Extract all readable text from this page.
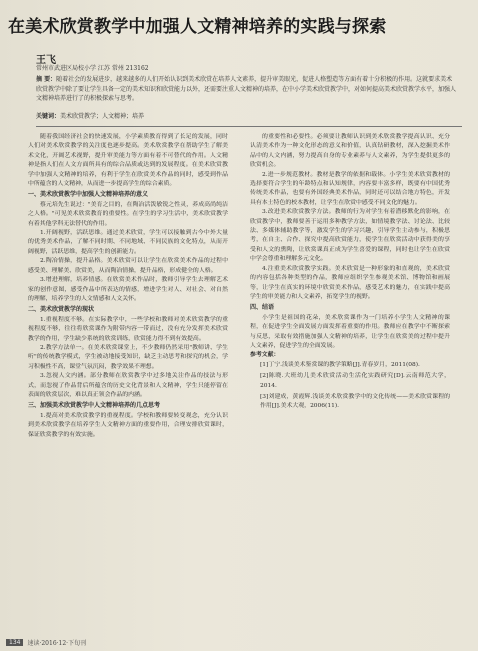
在美术欣赏教学中加强人文精神培养的实践与探索
王飞
常州市武进区局校小学 江苏 常州 213162
摘 要：随着社会的发展进步，越来越多的人们开始认识到美术欣赏在培养人文素养，提升审美眼光，促进人格塑造等方面有着十分积极的作用。这就要求美术欣赏教学中除了要让学生具备一定的美术知识和欣赏能力以外，还需要注重人文精神的培养，在中小学美术欣赏教学中，对如何提高美术欣赏教学水平，加强人文精神培养进行了的积极探索与思考。
关键词：美术欣赏教学；人文精神；培养

随着我国经济社会的快速发展，小学素质教育得到了长足的发展，同时人们对美术欣赏教学的关注度也逐步提高。美术欣赏教学在帮助学生了解美术文化，开阔艺术视野，提升审美能力等方面有着不可替代的作用。人文精神是指人们在人文方面所具有的综合品质或达到的发展程度。在美术欣赏教学中加强人文精神的培养，有利于学生在欣赏美术作品的同时，感受到作品中所蕴含的人文精神，从而进一步提高学生的综合素质。

一、美术欣赏教学中加强人文精神培养的意义

蔡元培先生说过："美育之目的，在陶冶活泼敏锐之性灵，养成高尚纯洁之人格。"可见美术欣赏教育的重要性。在学生的学习生活中，美术欣赏教学有着其他学科无法替代的作用。

1.开阔视野，活跃思维。通过美术欣赏，学生可以接触到古今中外大量的优秀美术作品，了解不同时期、不同地域、不同民族的文化特点，从而开阔视野，活跃思维，提高学生的创新能力。

2.陶冶情操，提升品格。美术欣赏可以让学生在欣赏美术作品的过程中感受美、理解美、欣赏美，从而陶冶情操，提升品格，形成健全的人格。

3.增进理解，培养情感。在欣赏美术作品时，教师引导学生去理解艺术家的创作意图，感受作品中所表达的情感，增进学生对人、对社会、对自然的理解，培养学生的人文情感和人文关怀。

二、美术欣赏教学的现状

1.重视程度不够。在实际教学中，一些学校和教师对美术欣赏教学的重视程度不够，往往将欣赏课作为附带内容一带而过，没有充分发挥美术欣赏教学的作用，学生缺少系统的欣赏训练，欣赏能力得不到有效提高。

2.教学方法单一。在美术欣赏课堂上，不少教师仍然采用"教师讲、学生听"的传统教学模式，学生被动地接受知识，缺乏主动思考和探究的机会，学习积极性不高，课堂气氛沉闷，教学效果不理想。

3.忽视人文内涵。部分教师在欣赏教学中过多地关注作品的技法与形式，而忽视了作品背后所蕴含的历史文化背景和人文精神，学生只能停留在表面的欣赏层次，难以真正领会作品的内涵。

三、加强美术欣赏教学中人文精神培养的几点思考

1.提高对美术欣赏教学的重视程度。学校和教师要转变观念，充分认识到美术欣赏教学在培养学生人文精神方面的重要作用，合理安排欣赏课时，保证欣赏教学的有效实施。

的重要性和必要性。必须要让教师认识到美术欣赏教学提高认识、充分认清美术作为一种文化形态的意义和价值，认真钻研教材，深入挖掘美术作品中的人文内涵，努力提高自身的专业素养与人文素养，为学生提供更多的欣赏机会。

2.进一步规范教材。教材是教学的依据和载体。小学生美术欣赏教材的选择要符合学生的年龄特点和认知规律，内容要丰富多样，既要有中国优秀传统美术作品，也要有外国经典美术作品，同时还可以结合地方特色，开发具有本土特色的校本教材，让学生在欣赏中感受不同文化的魅力。

3.改进美术欣赏教学方法。教师的行为对学生有着潜移默化的影响，在欣赏教学中，教师要善于运用多种教学方法，如情境教学法、讨论法、比较法、多媒体辅助教学等，激发学生的学习兴趣，引导学生主动参与，积极思考，在自主、合作、探究中提高欣赏能力，使学生在欣赏活动中获得美的享受和人文的熏陶，让欣赏课真正成为学生喜爱的课程，同时也让学生在欣赏中学会尊重和理解多元文化。

4.注重美术欣赏教学实践。美术欣赏是一种形象的和直观的，美术欣赏的内容包括各种类型的作品，教师应组织学生参观美术馆、博物馆和画展等，让学生在真实的环境中欣赏美术作品，感受艺术的魅力，在实践中提高学生的审美能力和人文素养，拓宽学生的视野。

四、结语

小学生是祖国的花朵，美术欣赏课作为一门培养小学生人文精神的课程，在促进学生全面发展方面发挥着重要的作用。教师应在教学中不断探索与反思，采取有效措施加强人文精神的培养，让学生在欣赏美的过程中提升人文素养，促进学生的全面发展。

参考文献：

[1]丁宁.浅谈美术鉴赏课的教学策略[J].青春岁月，2011(08).

[2]陈晓.大班幼儿美术欣赏活动生活化实践研究[D].云南师范大学，2014.

[3]刘建成，黄霞辉.浅谈美术欣赏教学中的文化传统——美术欣赏课程的作用[J].美术大观，2006(11).

134	速读·2016·12·下旬刊
